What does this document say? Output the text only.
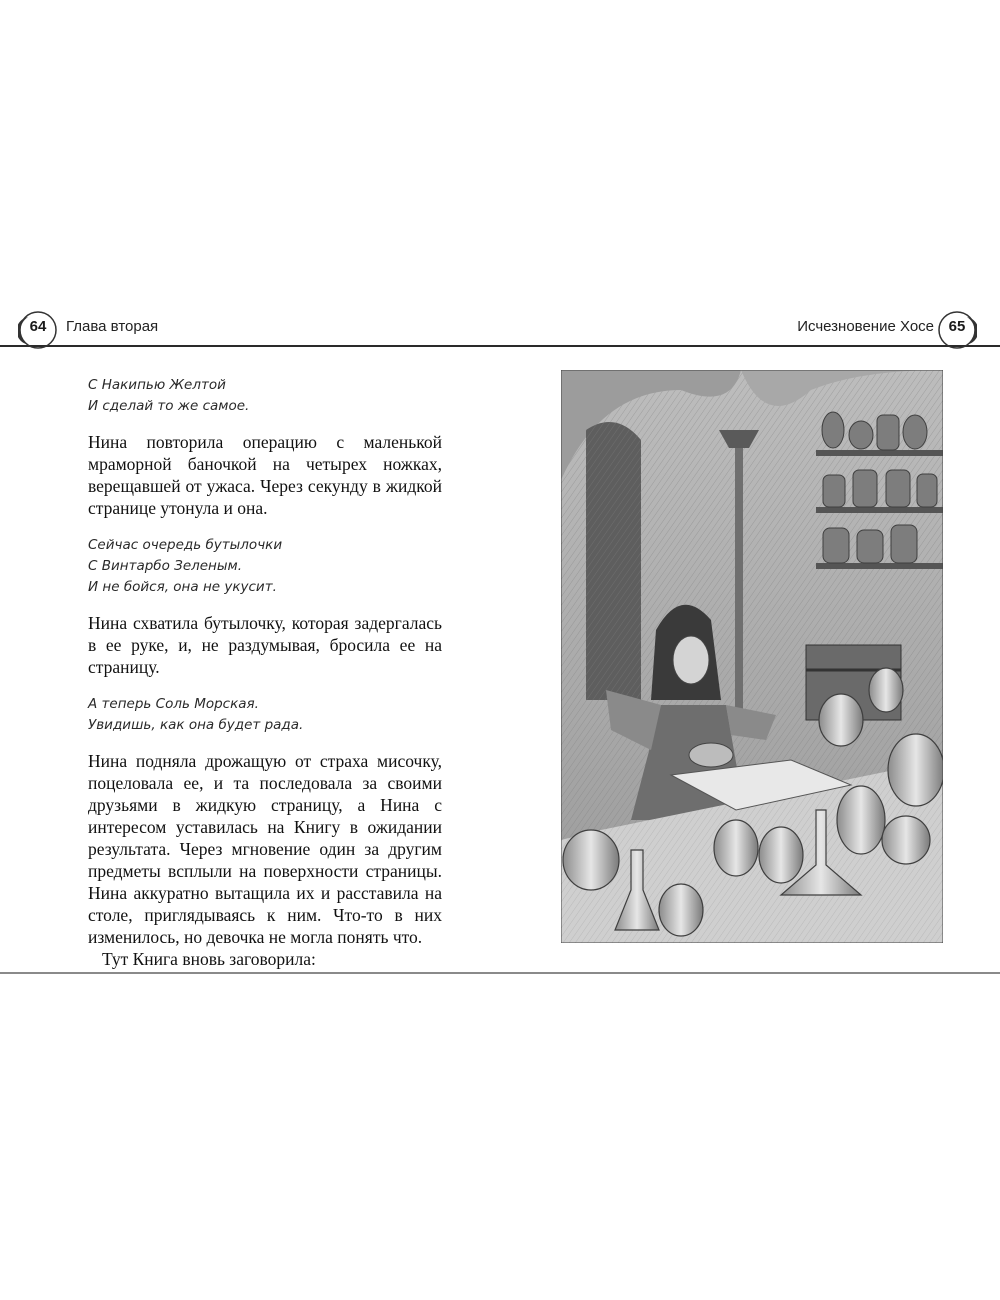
64	Глава вторая	Исчезновение Хосе 65
С Накипью Желтой
И сделай то же самое.

Нина повторила операцию с маленькой мраморной баночкой на четырех ножках, верещавшей от ужаса. Через секунду в жидкой странице утонула и она.

Сейчас очередь бутылочки
С Винтарбо Зеленым.
И не бойся, она не укусит.

Нина схватила бутылочку, которая задергалась в ее руке, и, не раздумывая, бросила ее на страницу.

А теперь Соль Морская.
Увидишь, как она будет рада.

Нина подняла дрожащую от страха мисочку, поцеловала ее, и та последовала за своими друзьями в жидкую страницу, а Нина с интересом уставилась на Книгу в ожидании результата. Через мгновение один за другим предметы всплыли на поверхности страницы. Нина аккуратно вытащила их и расставила на столе, приглядываясь к ним. Что-то в них изменилось, но девочка не могла понять что.

Тут Книга вновь заговорила:
